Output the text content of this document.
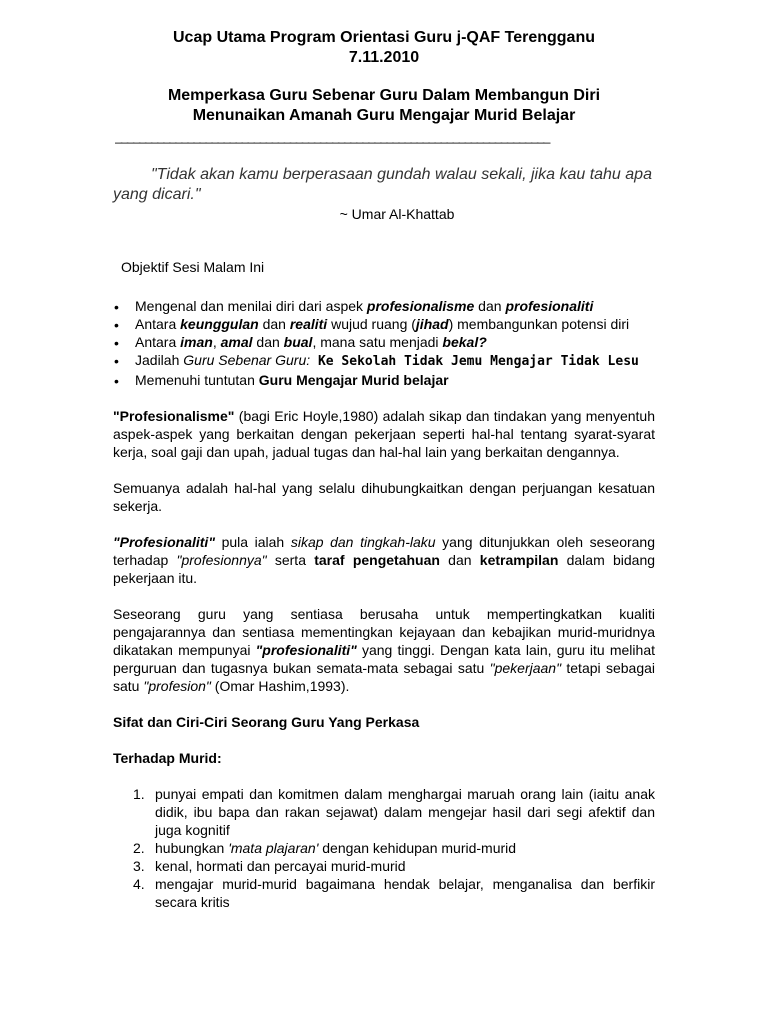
Ucap Utama Program Orientasi Guru j-QAF Terengganu

7.11.2010

Memperkasa Guru Sebenar Guru Dalam Membangun Diri

Menunaikan Amanah Guru Mengajar Murid Belajar

________________________________________________________________________
"Tidak akan kamu berperasaan gundah walau sekali, jika kau tahu apa yang dicari."
~ Umar Al-Khattab
Objektif Sesi Malam Ini
• Mengenal dan menilai diri dari aspek profesionalisme dan profesionaliti
• Antara keunggulan dan realiti wujud ruang (jihad) membangunkan potensi diri
• Antara iman, amal dan bual, mana satu menjadi bekal?
• Jadilah Guru Sebenar Guru: Ke Sekolah Tidak Jemu Mengajar Tidak Lesu
• Memenuhi tuntutan Guru Mengajar Murid belajar
"Profesionalisme" (bagi Eric Hoyle,1980) adalah sikap dan tindakan yang menyentuh aspek-aspek yang berkaitan dengan pekerjaan seperti hal-hal tentang syarat-syarat kerja, soal gaji dan upah, jadual tugas dan hal-hal lain yang berkaitan dengannya.
Semuanya adalah hal-hal yang selalu dihubungkaitkan dengan perjuangan kesatuan sekerja.
"Profesionaliti" pula ialah sikap dan tingkah-laku yang ditunjukkan oleh seseorang terhadap "profesionnya" serta taraf pengetahuan dan ketrampilan dalam bidang pekerjaan itu.
Seseorang guru yang sentiasa berusaha untuk mempertingkatkan kualiti pengajarannya dan sentiasa mementingkan kejayaan dan kebajikan murid-muridnya dikatakan mempunyai "profesionaliti" yang tinggi. Dengan kata lain, guru itu melihat perguruan dan tugasnya bukan semata-mata sebagai satu "pekerjaan" tetapi sebagai satu "profesion" (Omar Hashim,1993).
Sifat dan Ciri-Ciri Seorang Guru Yang Perkasa
Terhadap Murid:
1. punyai empati dan komitmen dalam menghargai maruah orang lain (iaitu anak didik, ibu bapa dan rakan sejawat) dalam mengejar hasil dari segi afektif dan juga kognitif
2. hubungkan 'mata plajaran' dengan kehidupan murid-murid
3. kenal, hormati dan percayai murid-murid
4. mengajar murid-murid bagaimana hendak belajar, menganalisa dan berfikir secara kritis
